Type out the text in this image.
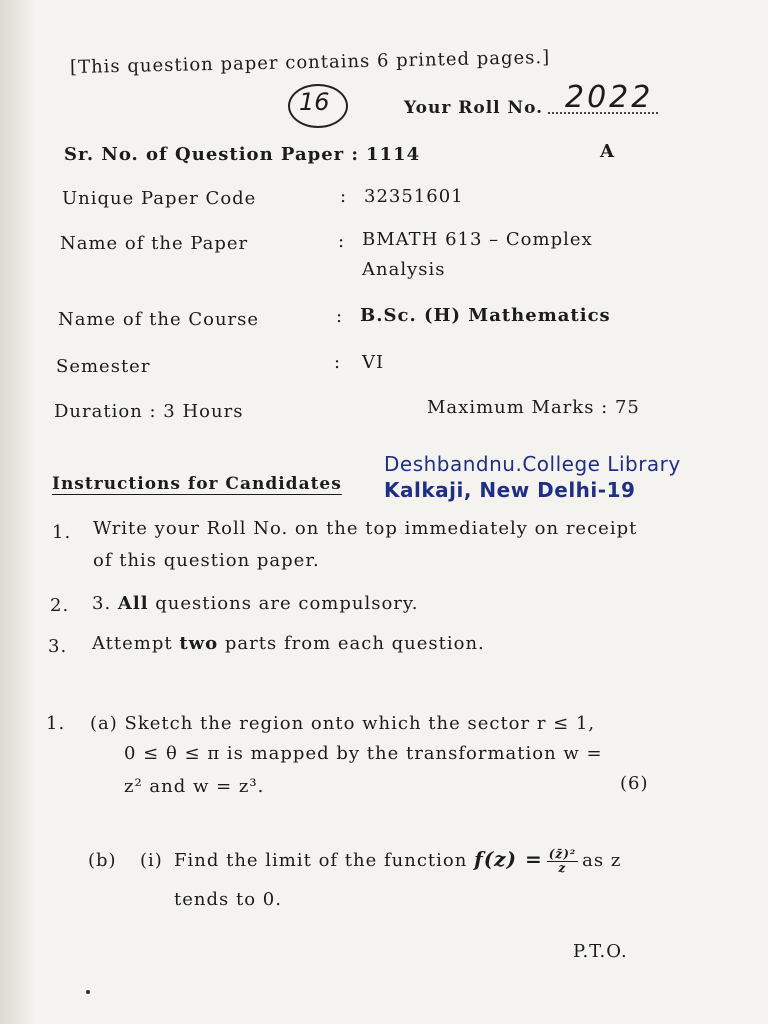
[This question paper contains 6 printed pages.]
16	Your Roll No. 2022
Sr. No. of Question Paper : 1114	A
Unique Paper Code	: 32351601
Name of the Paper	: BMATH 613 – Complex
Analysis
Name of the Course	: B.Sc. (H) Mathematics
Semester	: VI
Duration : 3 Hours	Maximum Marks : 75
Deshbandnu.College Library
Kalkaji, New Delhi-19
Instructions for Candidates
1. Write your Roll No. on the top immediately on receipt
of this question paper.
2. 3. All questions are compulsory.
3. Attempt two parts from each question.
1. (a) Sketch the region onto which the sector r ≤ 1,
0 ≤ θ ≤ π is mapped by the transformation w =
z² and w = z³.	(6)
(b) (i) Find the limit of the function $f(z) = \frac{\text{(z̄)²}}{z}$ as z
tends to 0.
P.T.O.
